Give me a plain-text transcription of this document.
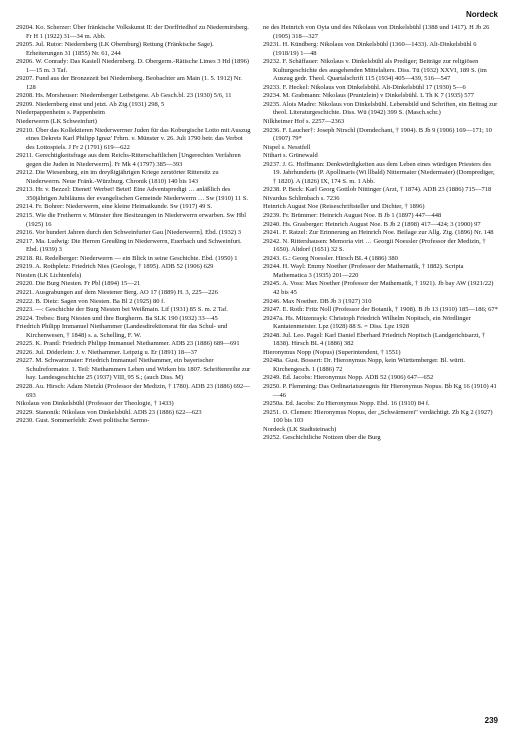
Nordeck
29204. Ko. Scherzer: Über fränkische Volkskunst II: der Dorffriedhof zu Niedermirsberg. Fr H 1 (1922) 31—34 m. Abb.
29205. Jul. Rutor: Niedernberg (LK Obernburg) Rettung (Fränkische Sage). Erheiterungen 31 (1855) Nr. 61, 244
29206. W. Conrady: Das Kastell Niedernberg. D. Obergerm.-Rätische Limes 3 Hd (1896) 1—15 m. 3 Taf.
29207. Fund aus der Bronzezeit bei Niedernberg. Beobachter am Main (1. 5. 1912) Nr. 128
29208. Hs. Morsheuser: Niedernberger Leibeigene. Ab Gesch.bl. 23 (1930) 5/6, 11
29209. Niedernberg einst und jetzt. Ab Ztg (1931) 298, 5
Niederpappenheim s. Pappenheim
Niederwerrn (LK Schweinfurt)
29210. Über das Kollektieren Niederwerrner Juden für das Koburgische Lotto mit Auszug eines Dekrets Karl Philipp Ignaz' Frhrn. v. Münster v. 26. Juli 1790 betr. das Verbot des Lottospiels. J Fr 2 (1791) 619—622
29211. Gerechtigkeitsfrage aus dem Reichs-Ritterschaftlichen [Ungerechtes Verfahren gegen die Juden in Niederwerrn]. Fr Mk 4 (1797) 385—393
29212. Die Wiesenburg, ein im dreyßigjährigen Kriege zerstörter Rittersitz zu Niederwerrn. Neue Fränk.-Würzburg. Chronik (1810) 140 bis 143
29213. Hr. v. Bezzel: Dienet! Werbet! Betet! Eine Adventspredigt … anläßlich des 350jährigen Jubiläums der evangelischen Gemeinde Niederwerrn … Sw (1910) 11 S.
29214. Fr. Bohrer: Niederwerrn, eine kleine Heimatkunde. Sw (1917) 49 S.
29215. Wie die Freiherrn v. Münster ihre Besitzungen in Niederwerrn erwarben. Sw Hbl (1925) 16
29216. Vor hundert Jahren durch den Schweinfurter Gau [Niederwerrn]. Ebd. (1932) 3
29217. Ma. Ludwig: Die Herren Greußing in Niederwerrn, Euerbach und Schweinfurt. Ebd. (1939) 3
29218. Ri. Redelberger: Niederwerrn — ein Blick in seine Geschichte. Ebd. (1950) 1
29219. A. Rothpletz: Friedrich Nies (Geologe, † 1895). ADB 52 (1906) 629
Niesten (LK Lichtenfels)
29220. Die Burg Niesten. Fr Pbl (1894) 15—21
29221. Ausgrabungen auf dem Niestener Berg. AO 17 (1889) H. 3, 225—226
29222. B. Dietz: Sagen von Niesten. Ba Bl 2 (1925) 80 f.
29223. —: Geschichte der Burg Niesten bei Weißmain. Lif (1931) 85 S. m. 2 Taf.
29224. Trebes: Burg Niesten und ihre Burgherrn. Ba SLK 190 (1932) 33—45
Friedrich Philipp Immanuel Niethammer (Landesdirektionsrat für das Schul- und Kirchenwesen, † 1848) s. a. Schelling, F. W.
29225. K. Prantl: Friedrich Philipp Immanuel Niethammer. ADB 23 (1886) 689—691
29226. Jul. Döderlein: J. v. Niethammer. Leipzig u. Er (1891) 18—37
29227. M. Schwarzmaier: Friedrich Immanuel Niethammer, ein bayerischer Schulreformator. 1. Teil: Niethammers Leben und Wirken bis 1807. Schriftenreihe zur bay. Landesgeschichte 25 (1937) VIII, 95 S.; (auch Diss. M)
29228. Au. Hirsch: Adam Nietzki (Professor der Medizin, † 1780). ADB 23 (1886) 692—693
Nikolaus von Dinkelsbühl (Professor der Theologie, † 1433)
29229. Stanonik: Nikolaus von Dinkelsbühl. ADB 23 (1886) 622—623
29230. Gust. Sommerfeldt: Zwei politische Sermo-
ne des Heinrich von Oyta und des Nikolaus von Dinkelsbühl (1388 und 1417). H Jb 26 (1905) 318—327
29231. H. Kündberg: Nikolaus von Dinkelsbühl (1360—1433). Alt-Dinkelsbühl 6 (1918/19) 1—48
29232. F. Schäffauer: Nikolaus v. Dinkelsbühl als Prediger; Beiträge zur religiösen Kulturgeschichte des ausgehenden Mittelalters. Diss. Tü (1932) XXVI, 189 S. (im Auszug gedr. Theol. Quartalschrift 115 (1934) 405—439, 516—547
29233. F. Heckel: Nikolaus von Dinkelsbühl. Alt-Dinkelsbühl 17 (1930) 5—6
29234. M. Grabmann: Nikolaus (Pruntzlein) v Dinkelsbühl. L Th K 7 (1935) 577
29235. Alois Madre: Nikolaus von Dinkelsbühl. Lebensbild und Schriften, ein Beitrag zur theol. Literaturgeschichte. Diss. Wü (1942) 399 S. (Masch.schr.)
Nilkheimer Hof s. 2257—2363
29236. F. Laucher†: Joseph Nirschl (Domdechant, † 1904). B Jb 9 (1906) 169—171; 10 (1907) 79*
Nispel s. Nesstfell
Nithart s. Grünewald
29237. J. G. Hoffmann: Denkwürdigkeiten aus dem Leben eines würdigen Priesters des 19. Jahrhunderts (P. Apollinaris (Wi llbald) Nittermaier (Niedermaier) (Domprediger, † 1820). A (1826) IX, 174 S. m. 1 Abb.
29238. P. Beck: Karl Georg Gottlob Nittinger (Arzt, † 1874). ADB 23 (1886) 715—718
Nivardus Schlimbach s. 7236
Heinrich August Noe (Reiseschriftsteller und Dichter, † 1896)
29239. Fr. Brümmer: Heinrich August Noe. B Jb 1 (1897) 447—448
29240. Hs. Grasberger: Heinrich August Noe. B Jb 2 (1898) 417—424; 3 (1900) 97
29241. F. Ratzel: Zur Erinnerung an Heinrich Noe. Beilage zur Allg. Ztg. (1896) Nr. 148
29242. N. Rittershausen: Memoria viri … Georgii Noessler (Professor der Medizin, † 1650). Altdorf (1651) 32 S.
29243. G.: Georg Noessler. Hirsch BL 4 (1886) 380
29244. H. Wayl: Emmy Noether (Professor der Mathematik, † 1882). Scripta Mathematica 3 (1935) 201—220
29245. A. Voss: Max Noether (Professor der Mathematik, † 1921). Jb bay AW (1921/22) 42 bis 45
29246. Max Noether. DB Jb 3 (1927) 310
29247. E. Roth: Fritz Noll (Professor der Botanik, † 1908). B Jb 13 (1910) 185—186; 67*
29247a. Hs. Mitzenrayk: Christoph Friedrich Wilhelm Nopitsch, ein Nördlinger Kantatenmeister. Lpz (1928) 88 S. = Diss. Lpz 1928
29248. Jul. Leo. Pagel: Karl Daniel Eberhard Friedrich Nopitsch (Landgerichtsarzt, † 1838). Hirsch BL 4 (1886) 382
Hieronymus Nopp (Nopus) (Superintendent, † 1551)
29248a. Gust. Bossert: Dr. Hieronymus Nopp, kein Württemberger. Bl. württ. Kirchengesch. 1 (1886) 72
29249. Ed. Jacobs: Hieronymus Nopp. ADB 52 (1906) 647—652
29250. P. Flemming: Das Ordinariatszeugnis für Hieronymus Nopus. Bb Kg 16 (1910) 41—46
29250a. Ed. Jacobs: Zu Hieronymus Nopp. Ebd. 16 (1910) 84 f.
29251. O. Clemen: Hieronymus Nopus, der „Schwärmerei" verdächtigt. Zb Kg 2 (1927) 100 bis 103
Nordeck (LK Stadtsteinach)
29252. Geschichtliche Notizen über die Burg
239
